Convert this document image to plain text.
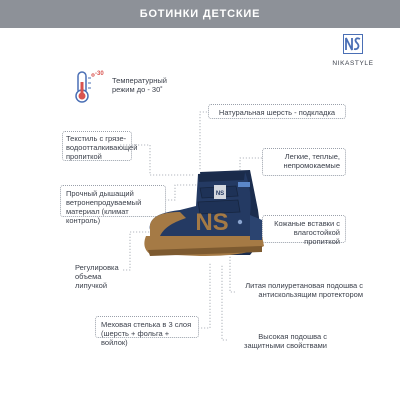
БОТИНКИ ДЕТСКИЕ
NIKASTYLE
-30
Температурный режим до - 30˚
Натуральная шерсть - подкладка
Текстиль с грязе-водоотталкивающей пропиткой	Легкие, теплые, непромокаемые
Прочный дышащий ветронепродуваемый материал (климат контроль)	Кожаные вставки с влагостойкой пропиткой
Регулировка объема липучкой	Литая полиуретановая подошва с антискользящим протектором
Меховая стелька в 3 слоя (шерсть + фольга + войлок)
Высокая подошва с защитными свойствами
NS
NS
